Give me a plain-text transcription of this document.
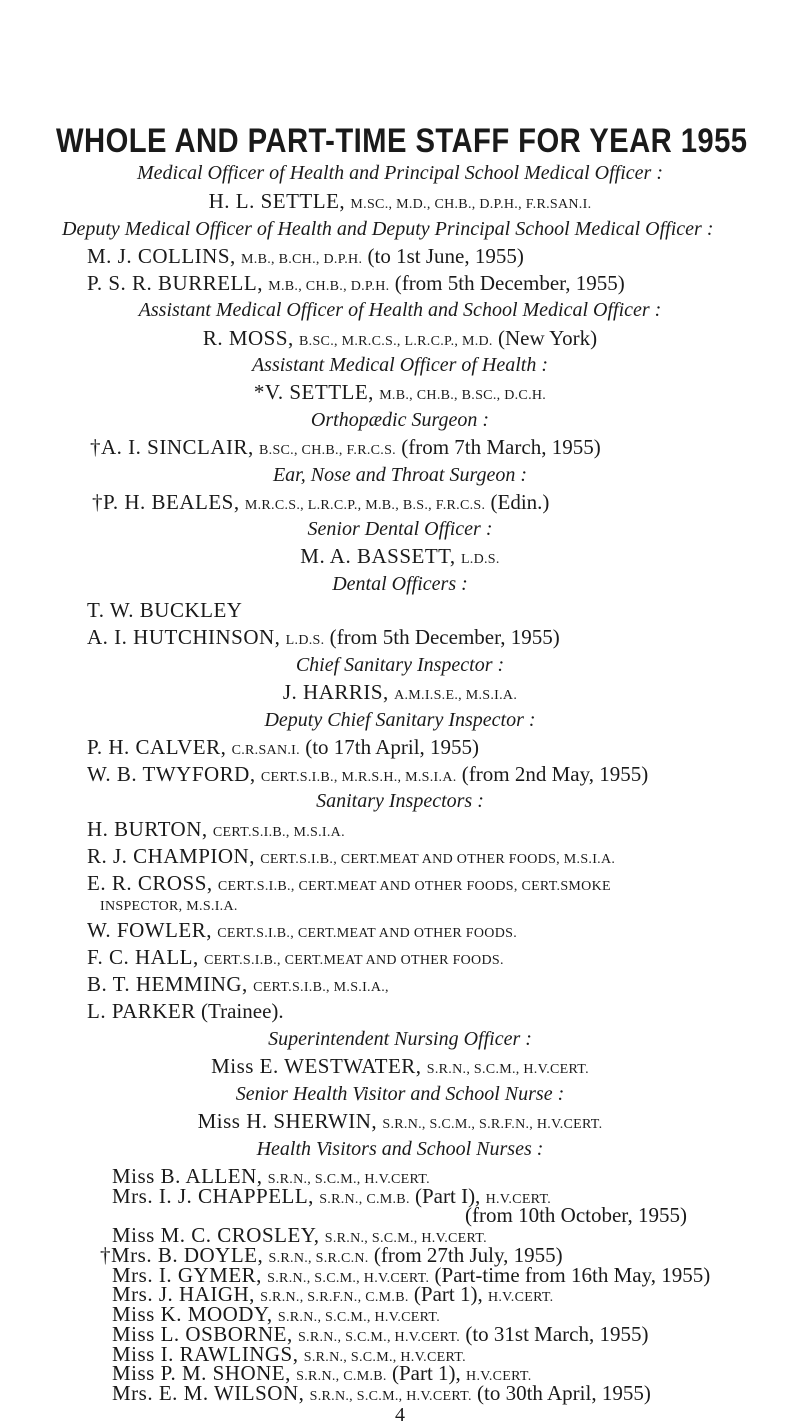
WHOLE AND PART-TIME STAFF FOR YEAR 1955
Medical Officer of Health and Principal School Medical Officer :
H. L. SETTLE, M.SC., M.D., CH.B., D.P.H., F.R.SAN.I.
Deputy Medical Officer of Health and Deputy Principal School Medical Officer :
M. J. COLLINS, M.B., B.CH., D.P.H. (to 1st June, 1955)
P. S. R. BURRELL, M.B., CH.B., D.P.H. (from 5th December, 1955)
Assistant Medical Officer of Health and School Medical Officer :
R. MOSS, B.SC., M.R.C.S., L.R.C.P., M.D. (New York)
Assistant Medical Officer of Health :
*V. SETTLE, M.B., CH.B., B.SC., D.C.H.
Orthopædic Surgeon :
†A. I. SINCLAIR, B.SC., CH.B., F.R.C.S. (from 7th March, 1955)
Ear, Nose and Throat Surgeon :
†P. H. BEALES, M.R.C.S., L.R.C.P., M.B., B.S., F.R.C.S. (Edin.)
Senior Dental Officer :
M. A. BASSETT, L.D.S.
Dental Officers :
T. W. BUCKLEY
A. I. HUTCHINSON, L.D.S. (from 5th December, 1955)
Chief Sanitary Inspector :
J. HARRIS, A.M.I.S.E., M.S.I.A.
Deputy Chief Sanitary Inspector :
P. H. CALVER, C.R.SAN.I. (to 17th April, 1955)
W. B. TWYFORD, CERT.S.I.B., M.R.S.H., M.S.I.A. (from 2nd May, 1955)
Sanitary Inspectors :
H. BURTON, CERT.S.I.B., M.S.I.A.
R. J. CHAMPION, CERT.S.I.B., CERT.MEAT AND OTHER FOODS, M.S.I.A.
E. R. CROSS, CERT.S.I.B., CERT.MEAT AND OTHER FOODS, CERT.SMOKE
INSPECTOR, M.S.I.A.
W. FOWLER, CERT.S.I.B., CERT.MEAT AND OTHER FOODS.
F. C. HALL, CERT.S.I.B., CERT.MEAT AND OTHER FOODS.
B. T. HEMMING, CERT.S.I.B., M.S.I.A.,
L. PARKER (Trainee).
Superintendent Nursing Officer :
Miss E. WESTWATER, S.R.N., S.C.M., H.V.CERT.
Senior Health Visitor and School Nurse :
Miss H. SHERWIN, S.R.N., S.C.M., S.R.F.N., H.V.CERT.
Health Visitors and School Nurses :
Miss B. ALLEN, S.R.N., S.C.M., H.V.CERT.
Mrs. I. J. CHAPPELL, S.R.N., C.M.B. (Part I), H.V.CERT.
(from 10th October, 1955)
Miss M. C. CROSLEY, S.R.N., S.C.M., H.V.CERT.
†Mrs. B. DOYLE, S.R.N., S.R.C.N. (from 27th July, 1955)
Mrs. I. GYMER, S.R.N., S.C.M., H.V.CERT. (Part-time from 16th May, 1955)
Mrs. J. HAIGH, S.R.N., S.R.F.N., C.M.B. (Part 1), H.V.CERT.
Miss K. MOODY, S.R.N., S.C.M., H.V.CERT.
Miss L. OSBORNE, S.R.N., S.C.M., H.V.CERT. (to 31st March, 1955)
Miss I. RAWLINGS, S.R.N., S.C.M., H.V.CERT.
Miss P. M. SHONE, S.R.N., C.M.B. (Part 1), H.V.CERT.
Mrs. E. M. WILSON, S.R.N., S.C.M., H.V.CERT. (to 30th April, 1955)
4
